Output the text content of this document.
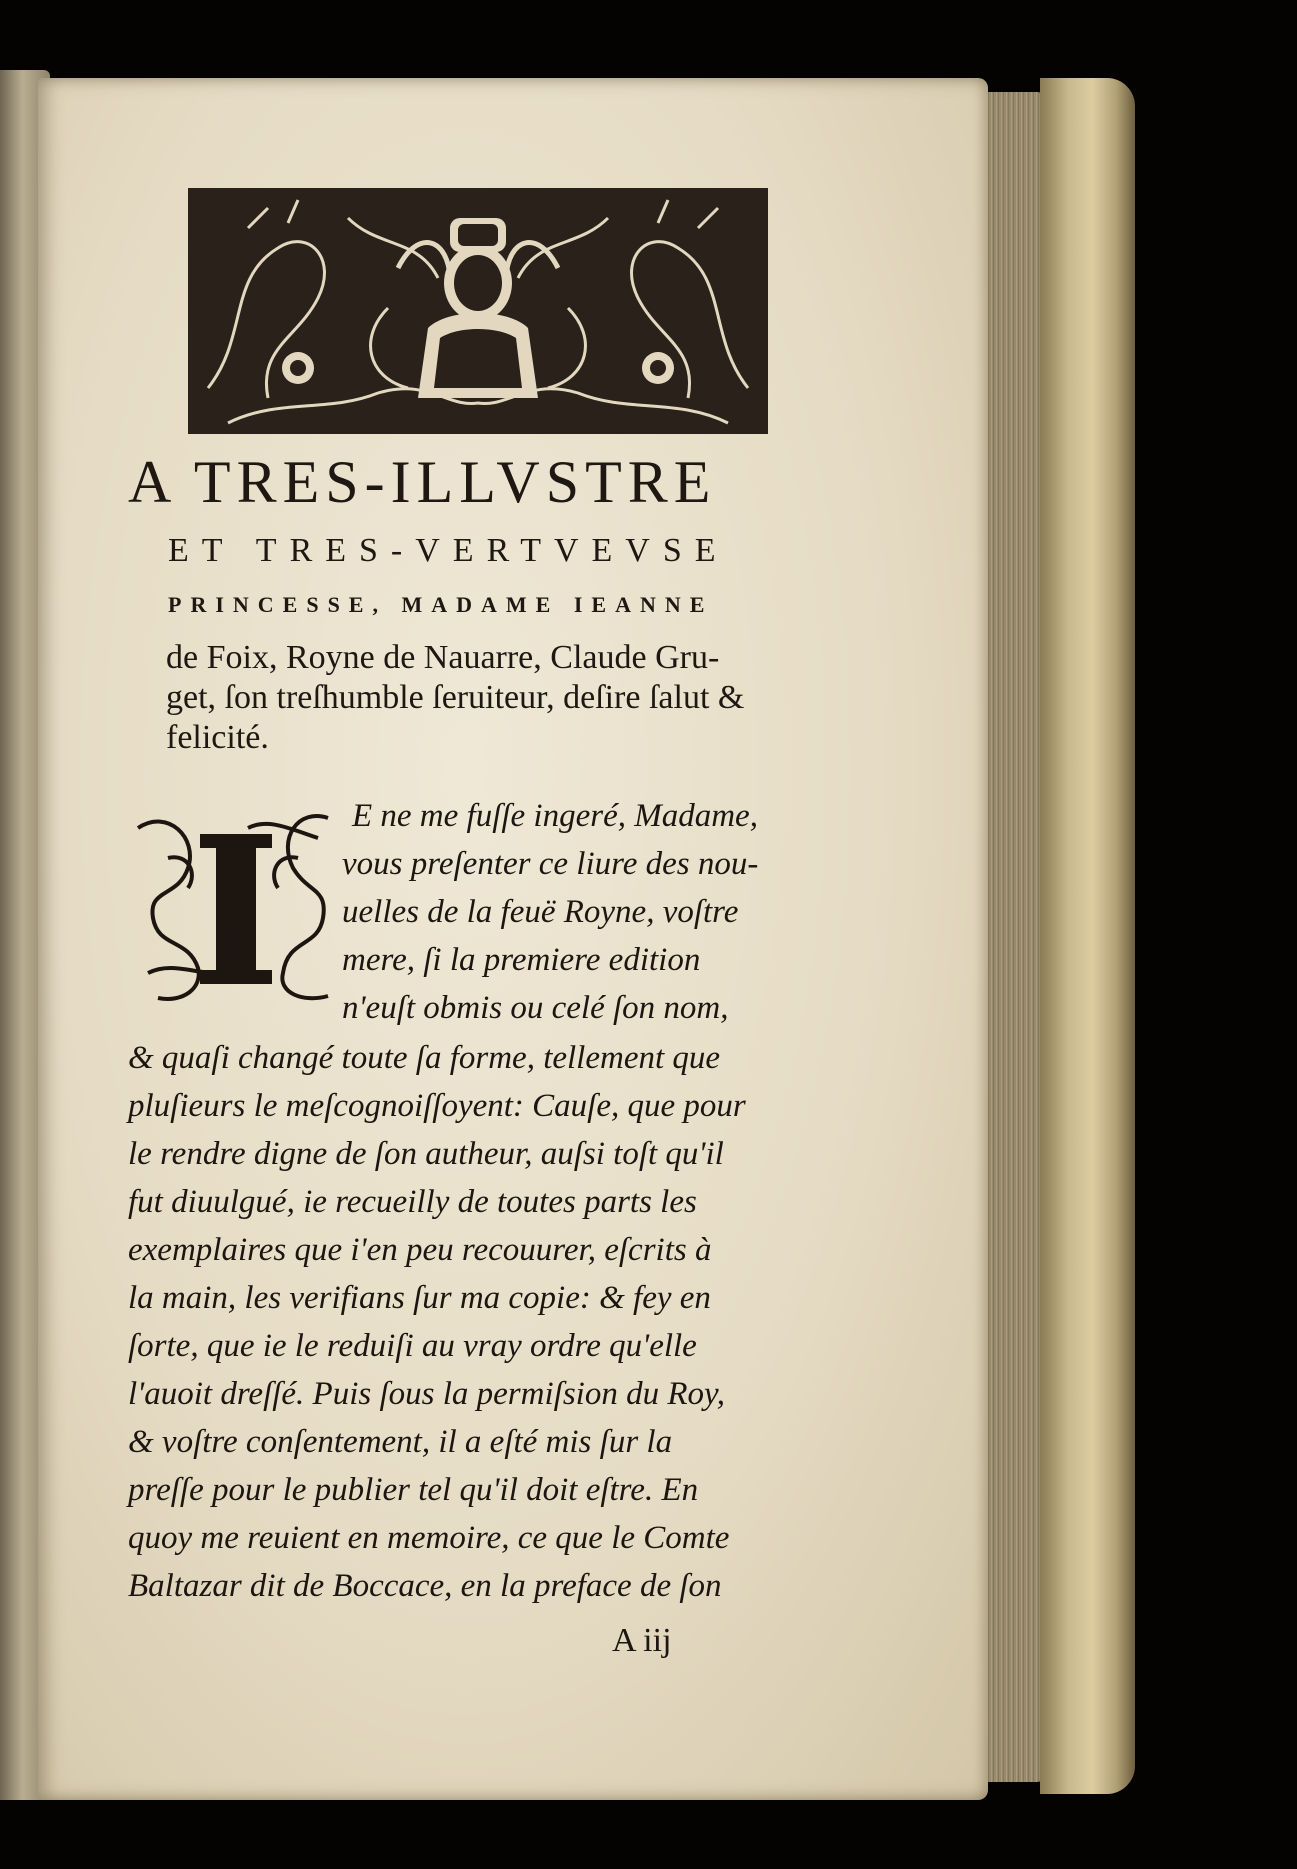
A TRES-ILLVSTRE
ET TRES-VERTVEVSE
PRINCESSE, MADAME IEANNE
de Foix, Royne de Nauarre, Claude Gru-
get, ſon treſhumble ſeruiteur, deſire ſalut &
felicité.
I
E ne me fuſſe ingeré, Madame,
vous preſenter ce liure des nou-
uelles de la feuë Royne, voſtre
mere, ſi la premiere edition
n'euſt obmis ou celé ſon nom,
& quaſi changé toute ſa forme, tellement que
pluſieurs le meſcognoiſſoyent: Cauſe, que pour
le rendre digne de ſon autheur, auſsi toſt qu'il
fut diuulgué, ie recueilly de toutes parts les
exemplaires que i'en peu recouurer, eſcrits à
la main, les verifians ſur ma copie: & fey en
ſorte, que ie le reduiſi au vray ordre qu'elle
l'auoit dreſſé. Puis ſous la permiſsion du Roy,
& voſtre conſentement, il a eſté mis ſur la
preſſe pour le publier tel qu'il doit eſtre. En
quoy me reuient en memoire, ce que le Comte
Baltazar dit de Boccace, en la preface de ſon
A iij
